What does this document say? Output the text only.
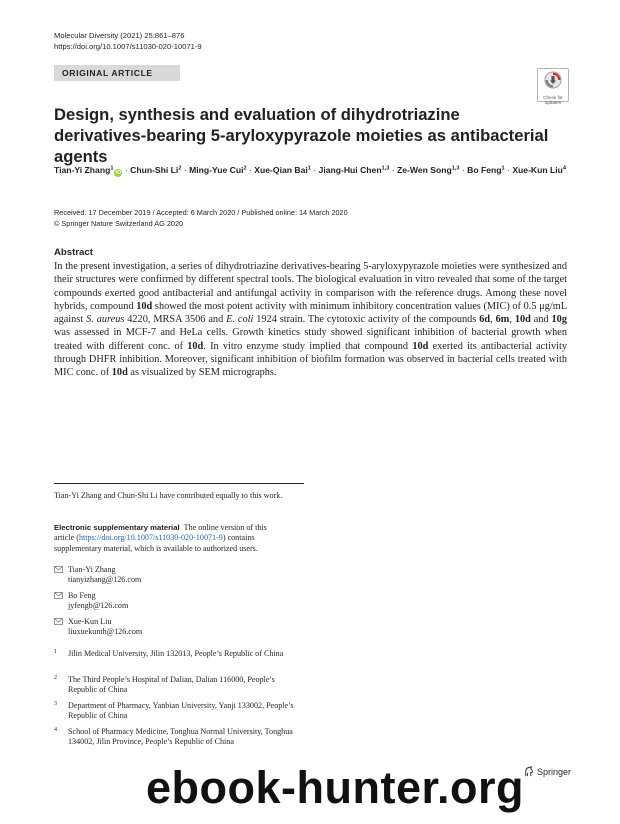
Molecular Diversity (2021) 25:861–876
https://doi.org/10.1007/s11030-020-10071-9
ORIGINAL ARTICLE
Check for
updates
Design, synthesis and evaluation of dihydrotriazine derivatives-bearing 5-aryloxypyrazole moieties as antibacterial agents
Tian-Yi Zhang$^1$iD · Chun-Shi $Li^2$ · Ming-Yue Cui$^2$ · Xue-Qian Bai$^1$ · Jiang-Hui Chen$^{1,3}$ · Ze-Wen Song$^{1,3}$ · Bo Feng$^1$ · Xue-Kun Liu$^4$
Received: 17 December 2019 / Accepted: 6 March 2020 / Published online: 14 March 2020
© Springer Nature Switzerland AG 2020
Abstract
In the present investigation, a series of dihydrotriazine derivatives-bearing 5-aryloxypyrazole moieties were synthesized and their structures were confirmed by different spectral tools. The biological evaluation in vitro revealed that some of the target compounds exerted good antibacterial and antifungal activity in comparison with the reference drugs. Among these novel hybrids, compound 10d showed the most potent activity with minimum inhibitory concentration values (MIC) of 0.5 μg/mL against S. aureus 4220, MRSA 3506 and E. coli 1924 strain. The cytotoxic activity of the compounds 6d, 6m, 10d and 10g was assessed in MCF-7 and HeLa cells. Growth kinetics study showed significant inhibition of bacterial growth when treated with different conc. of 10d. In vitro enzyme study implied that compound 10d exerted its antibacterial activity through DHFR inhibition. Moreover, significant inhibition of biofilm formation was observed in bacterial cells treated with MIC conc. of 10d as visualized by SEM micrographs.
Tian-Yi Zhang and Chun-Shi Li have contributed equally to this work.
Electronic supplementary material The online version of this article (https://doi.org/10.1007/s11030-020-10071-9) contains supplementary material, which is available to authorized users.
Tian-Yi Zhang
tianyizhang@126.com
Bo Feng
jyfengb@126.com
Xue-Kun Liu
liuxuekunth@126.com
1 Jilin Medical University, Jilin 132013, People’s Republic of China
2 The Third People’s Hospital of Dalian, Dalian 116000, People’s Republic of China
3 Department of Pharmacy, Yanbian University, Yanji 133002, People’s Republic of China
4 School of Pharmacy Medicine, Tonghua Normal University, Tonghua 134002, Jilin Province, People’s Republic of China
Springer
ebook-hunter.org
